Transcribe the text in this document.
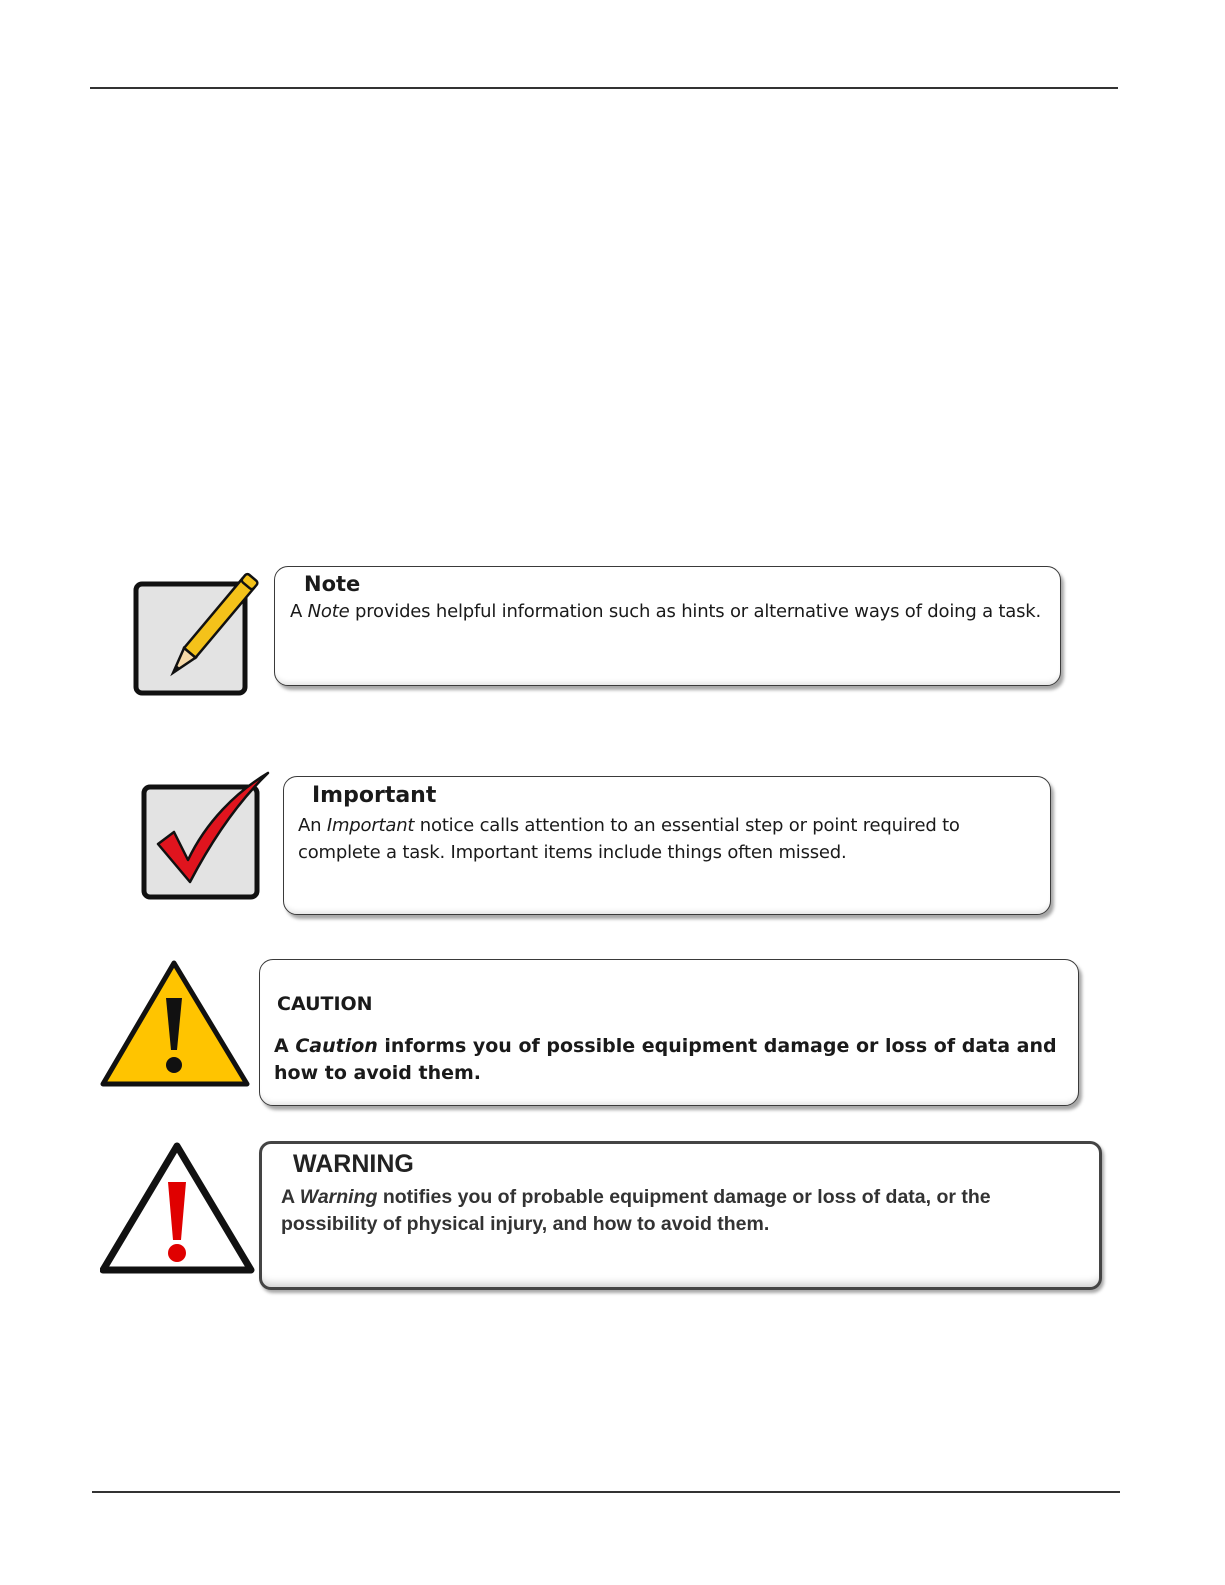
Note
A Note provides helpful information such as hints or alternative ways of doing a task.
Important
An Important notice calls attention to an essential step or point required to complete a task. Important items include things often missed.
CAUTION
A Caution informs you of possible equipment damage or loss of data and how to avoid them.
WARNING
A Warning notifies you of probable equipment damage or loss of data, or the possibility of physical injury, and how to avoid them.
